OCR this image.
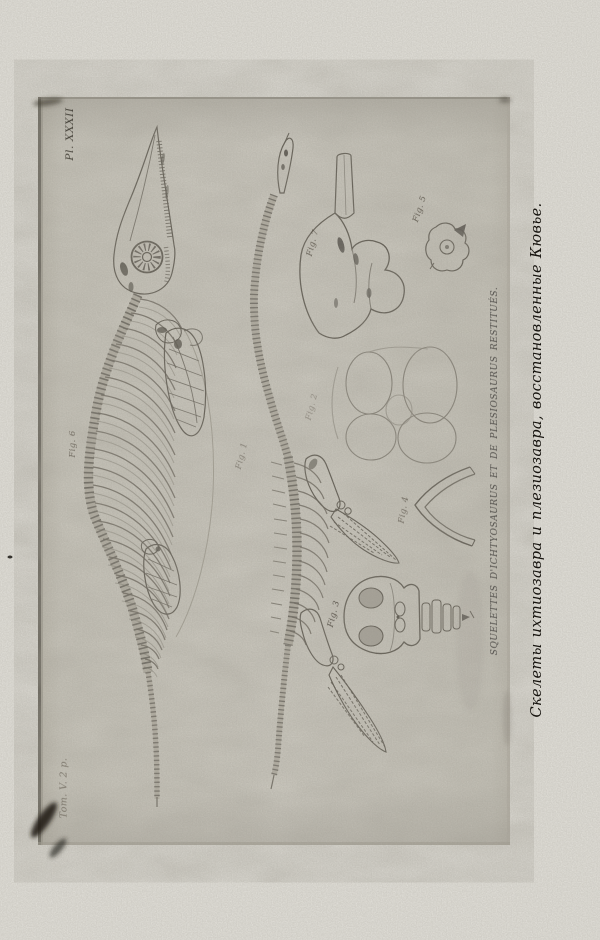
Pl. XXXII
Fig. 6	Fig. 1
Fig. 7
Fig. 5
Fig. 2
Fig. 4
Fig. 3	SQUELETTES D'ICHTYOSAURUS ET DE PLESIOSAURUS RESTITUÉS.
Tom. V. 2 p.
Скелеты ихтиозавра и плезиозавра, восстановленные Кювье.
